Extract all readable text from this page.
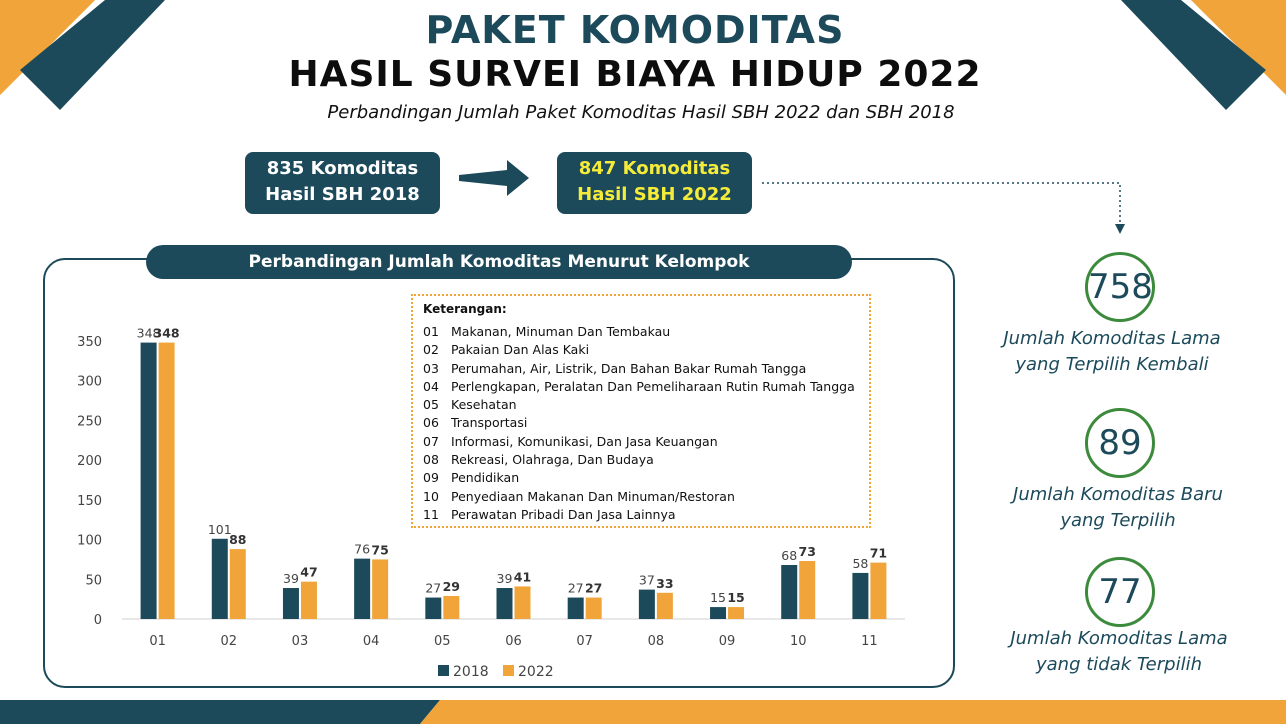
PAKET KOMODITAS
HASIL SURVEI BIAYA HIDUP 2022
Perbandingan Jumlah Paket Komoditas Hasil SBH 2022 dan SBH 2018
835 Komoditas
Hasil SBH 2018
847 Komoditas
Hasil SBH 2022
Perbandingan Jumlah Komoditas Menurut Kelompok
0
50
100
150
200
250
300
350
348
348
01
101
88
02
39 47
03
76 75
04
27 29
05
39 41
06
27 27
07
37 33
08
15 15
09
68 73
10
58
71
11
2018 2022
Keterangan:
01 Makanan, Minuman Dan Tembakau
02 Pakaian Dan Alas Kaki
03 Perumahan, Air, Listrik, Dan Bahan Bakar Rumah Tangga
04 Perlengkapan, Peralatan Dan Pemeliharaan Rutin Rumah Tangga
05 Kesehatan
06 Transportasi
07 Informasi, Komunikasi, Dan Jasa Keuangan
08 Rekreasi, Olahraga, Dan Budaya
09 Pendidikan
10 Penyediaan Makanan Dan Minuman/Restoran
11 Perawatan Pribadi Dan Jasa Lainnya
758
Jumlah Komoditas Lama
yang Terpilih Kembali
89
Jumlah Komoditas Baru
yang Terpilih
77
Jumlah Komoditas Lama
yang tidak Terpilih
